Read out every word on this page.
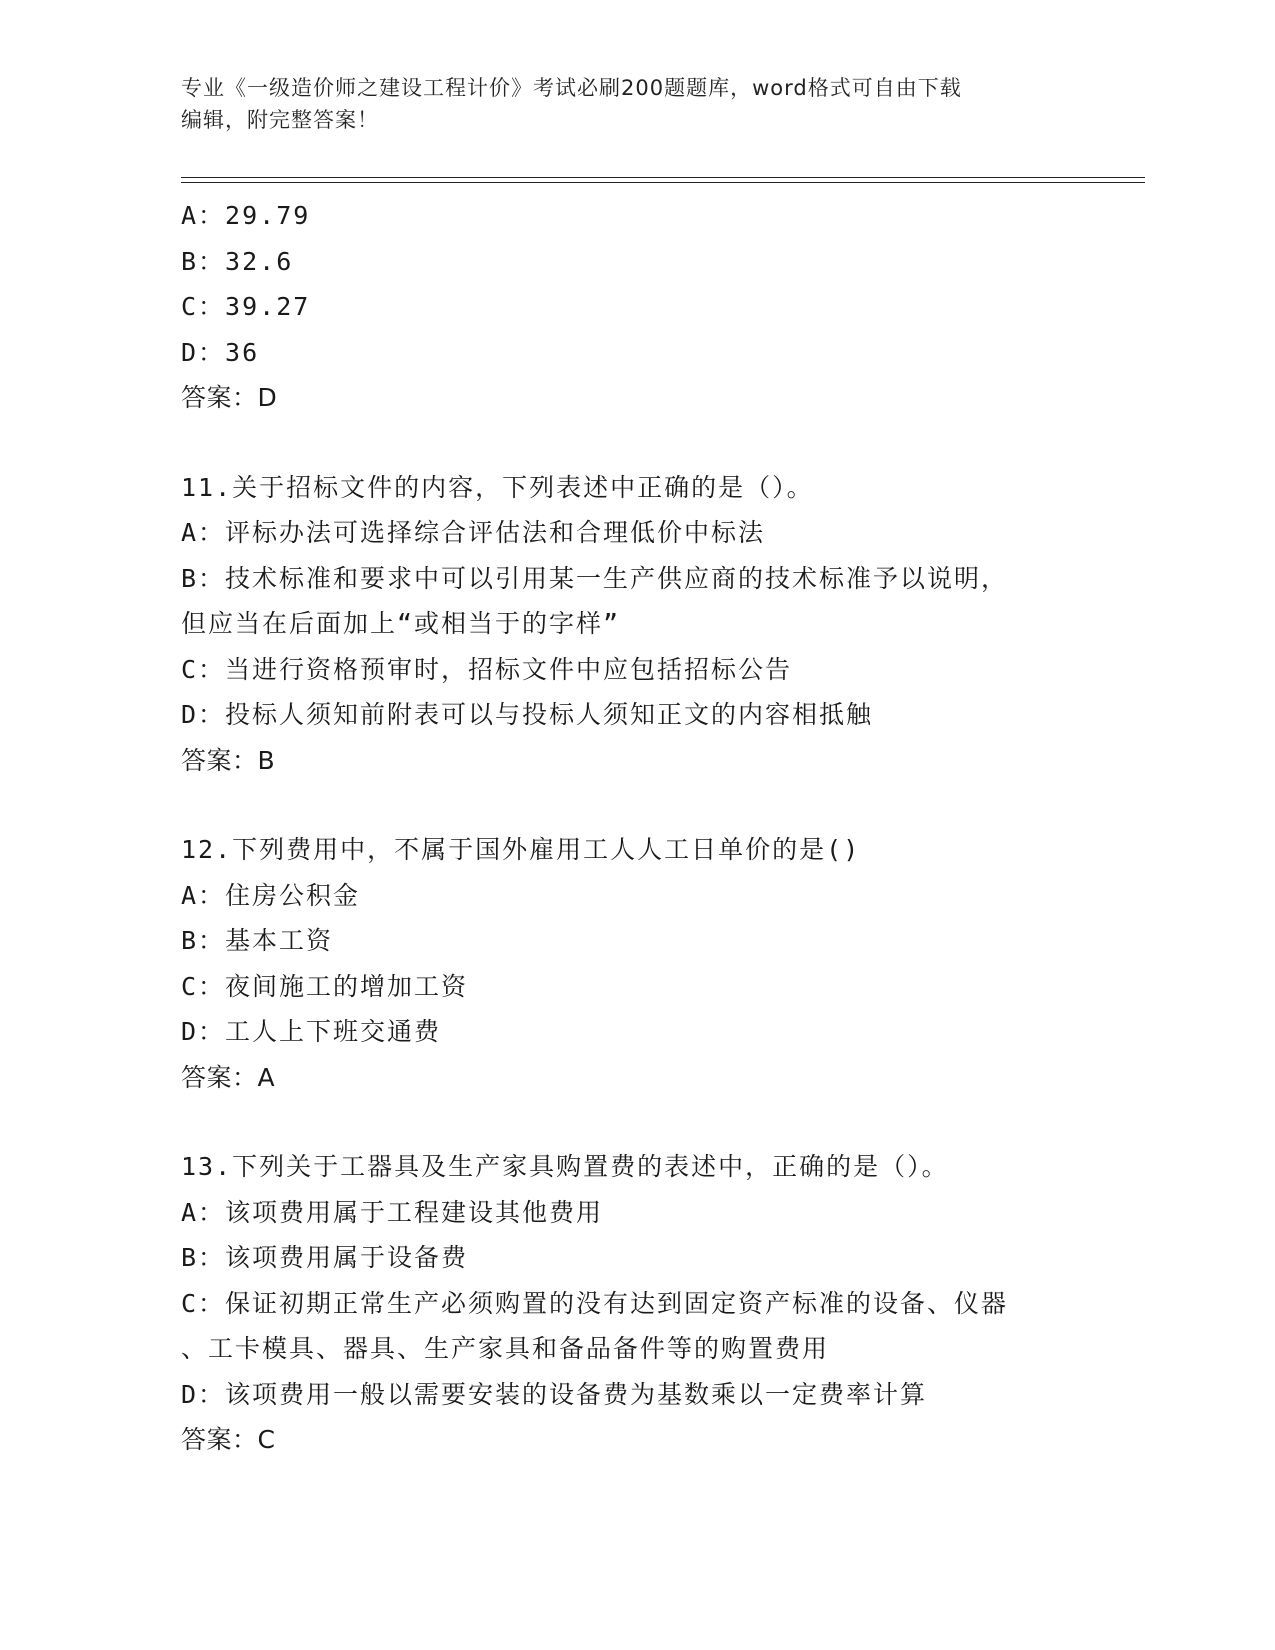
专业《一级造价师之建设工程计价》考试必刷200题题库，word格式可自由下载
编辑，附完整答案！
A：29.79
B：32.6
C：39.27
D：36
答案：D
11.关于招标文件的内容，下列表述中正确的是（）。
A：评标办法可选择综合评估法和合理低价中标法
B：技术标准和要求中可以引用某一生产供应商的技术标准予以说明，
但应当在后面加上“或相当于的字样”
C：当进行资格预审时，招标文件中应包括招标公告
D：投标人须知前附表可以与投标人须知正文的内容相抵触
答案：B
12.下列费用中，不属于国外雇用工人人工日单价的是()
A：住房公积金
B：基本工资
C：夜间施工的增加工资
D：工人上下班交通费
答案：A
13.下列关于工器具及生产家具购置费的表述中，正确的是（）。
A：该项费用属于工程建设其他费用
B：该项费用属于设备费
C：保证初期正常生产必须购置的没有达到固定资产标准的设备、仪器
、工卡模具、器具、生产家具和备品备件等的购置费用
D：该项费用一般以需要安装的设备费为基数乘以一定费率计算
答案：C
